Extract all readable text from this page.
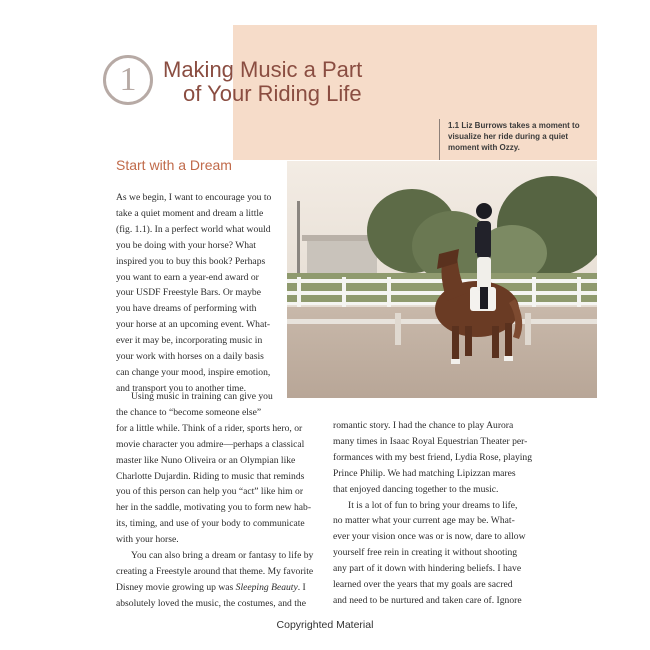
1 Making Music a Part
of Your Riding Life
1.1 Liz Burrows takes a moment to visualize her ride during a quiet moment with Ozzy.
Start with a Dream

As we begin, I want to encourage you to
take a quiet moment and dream a little
(fig. 1.1). In a perfect world what would
you be doing with your horse? What
inspired you to buy this book? Perhaps
you want to earn a year-end award or
your USDF Freestyle Bars. Or maybe
you have dreams of performing with
your horse at an upcoming event. What-
ever it may be, incorporating music in
your work with horses on a daily basis
can change your mood, inspire emotion,
and transport you to another time.

Using music in training can give you
the chance to “become someone else”
for a little while. Think of a rider, sports hero, or
movie character you admire—perhaps a classical
master like Nuno Oliveira or an Olympian like
Charlotte Dujardin. Riding to music that reminds
you of this person can help you “act” like him or
her in the saddle, motivating you to form new hab-
its, timing, and use of your body to communicate
with your horse.

You can also bring a dream or fantasy to life by
creating a Freestyle around that theme. My favorite
Disney movie growing up was Sleeping Beauty. I
absolutely loved the music, the costumes, and the

romantic story. I had the chance to play Aurora
many times in Isaac Royal Equestrian Theater per-
formances with my best friend, Lydia Rose, playing
Prince Philip. We had matching Lipizzan mares
that enjoyed dancing together to the music.

It is a lot of fun to bring your dreams to life,
no matter what your current age may be. What-
ever your vision once was or is now, dare to allow
yourself free rein in creating it without shooting
any part of it down with hindering beliefs. I have
learned over the years that my goals are sacred
and need to be nurtured and taken care of. Ignore

Copyrighted Material
